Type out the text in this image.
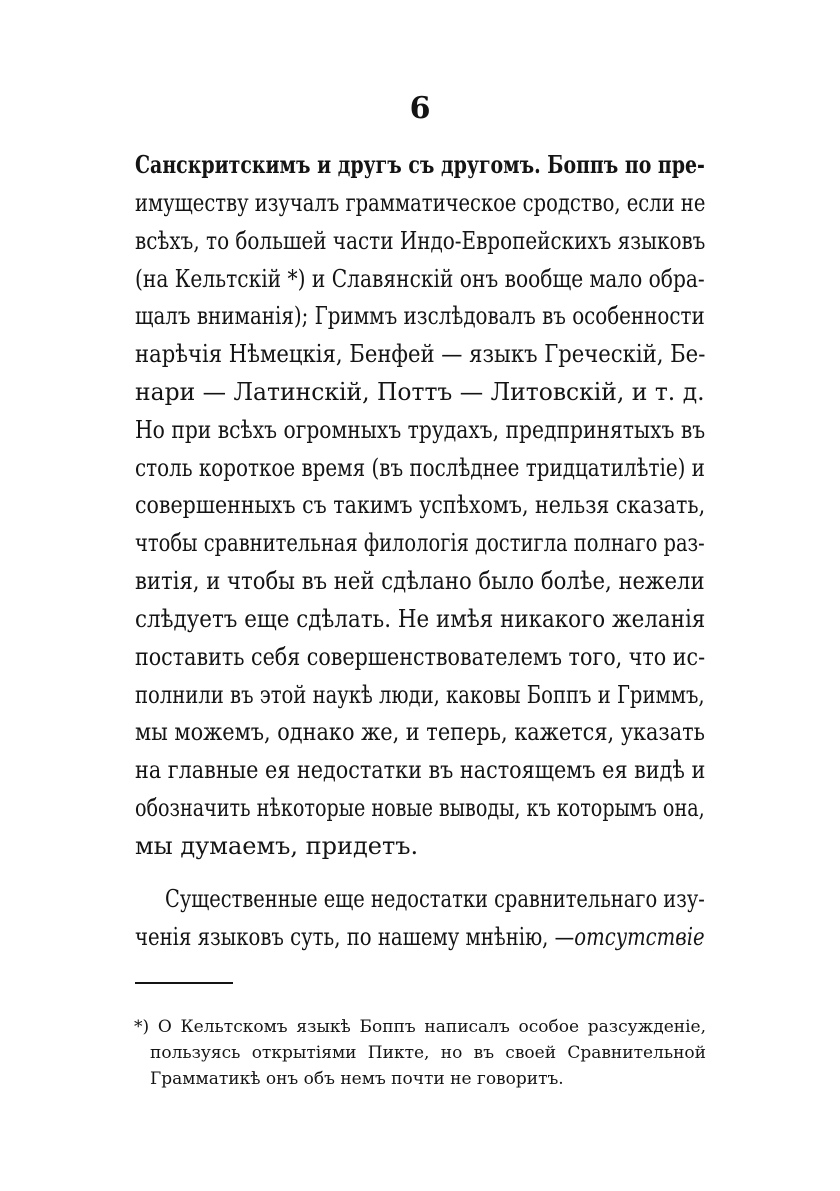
6
Санскритскимъ и другъ съ другомъ. Боппъ по пре-
имуществу изучалъ грамматическое сродство, если не
всѣхъ, то большей части Индо-Европейскихъ языковъ
(на Кельтскій *) и Славянскій онъ вообще мало обра-
щалъ вниманія); Гриммъ изслѣдовалъ въ особенности
нарѣчія Нѣмецкія, Бенфей — языкъ Греческій, Бе-
нари — Латинскій, Поттъ — Литовскій, и т. д.
Но при всѣхъ огромныхъ трудахъ, предпринятыхъ въ
столь короткое время (въ послѣднее тридцатилѣтіе) и
совершенныхъ съ такимъ успѣхомъ, нельзя сказать,
чтобы сравнительная филологія достигла полнаго раз-
витія, и чтобы въ ней сдѣлано было болѣе, нежели
слѣдуетъ еще сдѣлать. Не имѣя никакого желанія
поставить себя совершенствователемъ того, что ис-
полнили въ этой наукѣ люди, каковы Боппъ и Гриммъ,
мы можемъ, однако же, и теперь, кажется, указать
на главные ея недостатки въ настоящемъ ея видѣ и
обозначить нѣкоторые новые выводы, къ которымъ она,
мы думаемъ, придетъ.
Существенные еще недостатки сравнительнаго изу-
ченія языковъ суть, по нашему мнѣнію, —отсутствіе
*) О Кельтскомъ языкѣ Боппъ написалъ особое разсужденіе,
пользуясь открытіями Пикте, но въ своей Сравнительной
Грамматикѣ онъ объ немъ почти не говоритъ.
